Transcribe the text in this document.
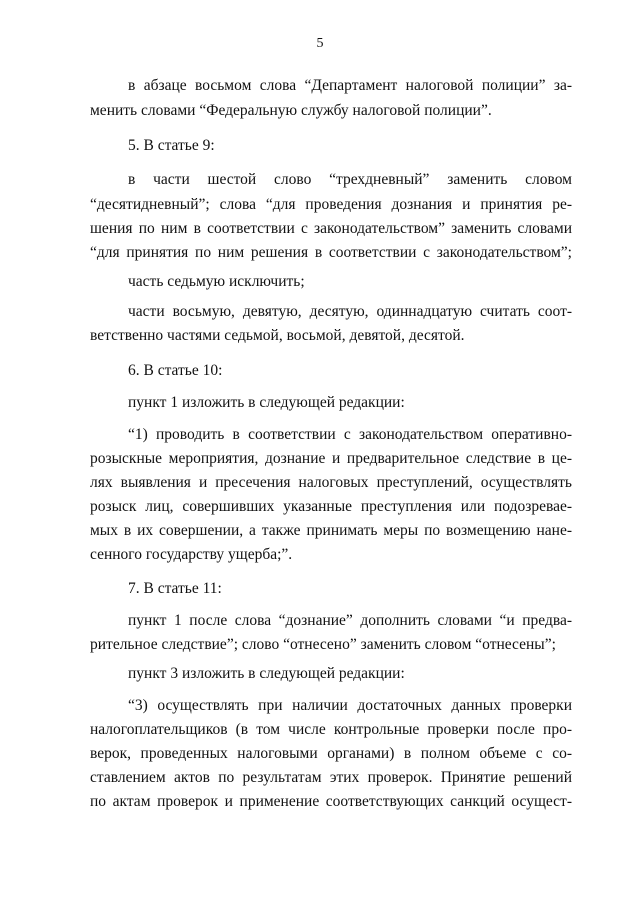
5
в абзаце восьмом слова “Департамент налоговой полиции” за-
менить словами “Федеральную службу налоговой полиции”.
5. В статье 9:
в части шестой слово “трехдневный” заменить словом
“десятидневный”; слова “для проведения дознания и принятия ре-
шения по ним в соответствии с законодательством” заменить словами
“для принятия по ним решения в соответствии с законодательством”;
часть седьмую исключить;
части восьмую, девятую, десятую, одиннадцатую считать соот-
ветственно частями седьмой, восьмой, девятой, десятой.
6. В статье 10:
пункт 1 изложить в следующей редакции:
“1) проводить в соответствии с законодательством оперативно-
розыскные мероприятия, дознание и предварительное следствие в це-
лях выявления и пресечения налоговых преступлений, осуществлять
розыск лиц, совершивших указанные преступления или подозревае-
мых в их совершении, а также принимать меры по возмещению нане-
сенного государству ущерба;”.
7. В статье 11:
пункт 1 после слова “дознание” дополнить словами “и предва-
рительное следствие”; слово “отнесено” заменить словом “отнесены”;
пункт 3 изложить в следующей редакции:
“3) осуществлять при наличии достаточных данных проверки
налогоплательщиков (в том числе контрольные проверки после про-
верок, проведенных налоговыми органами) в полном объеме с со-
ставлением актов по результатам этих проверок. Принятие решений
по актам проверок и применение соответствующих санкций осущест-
